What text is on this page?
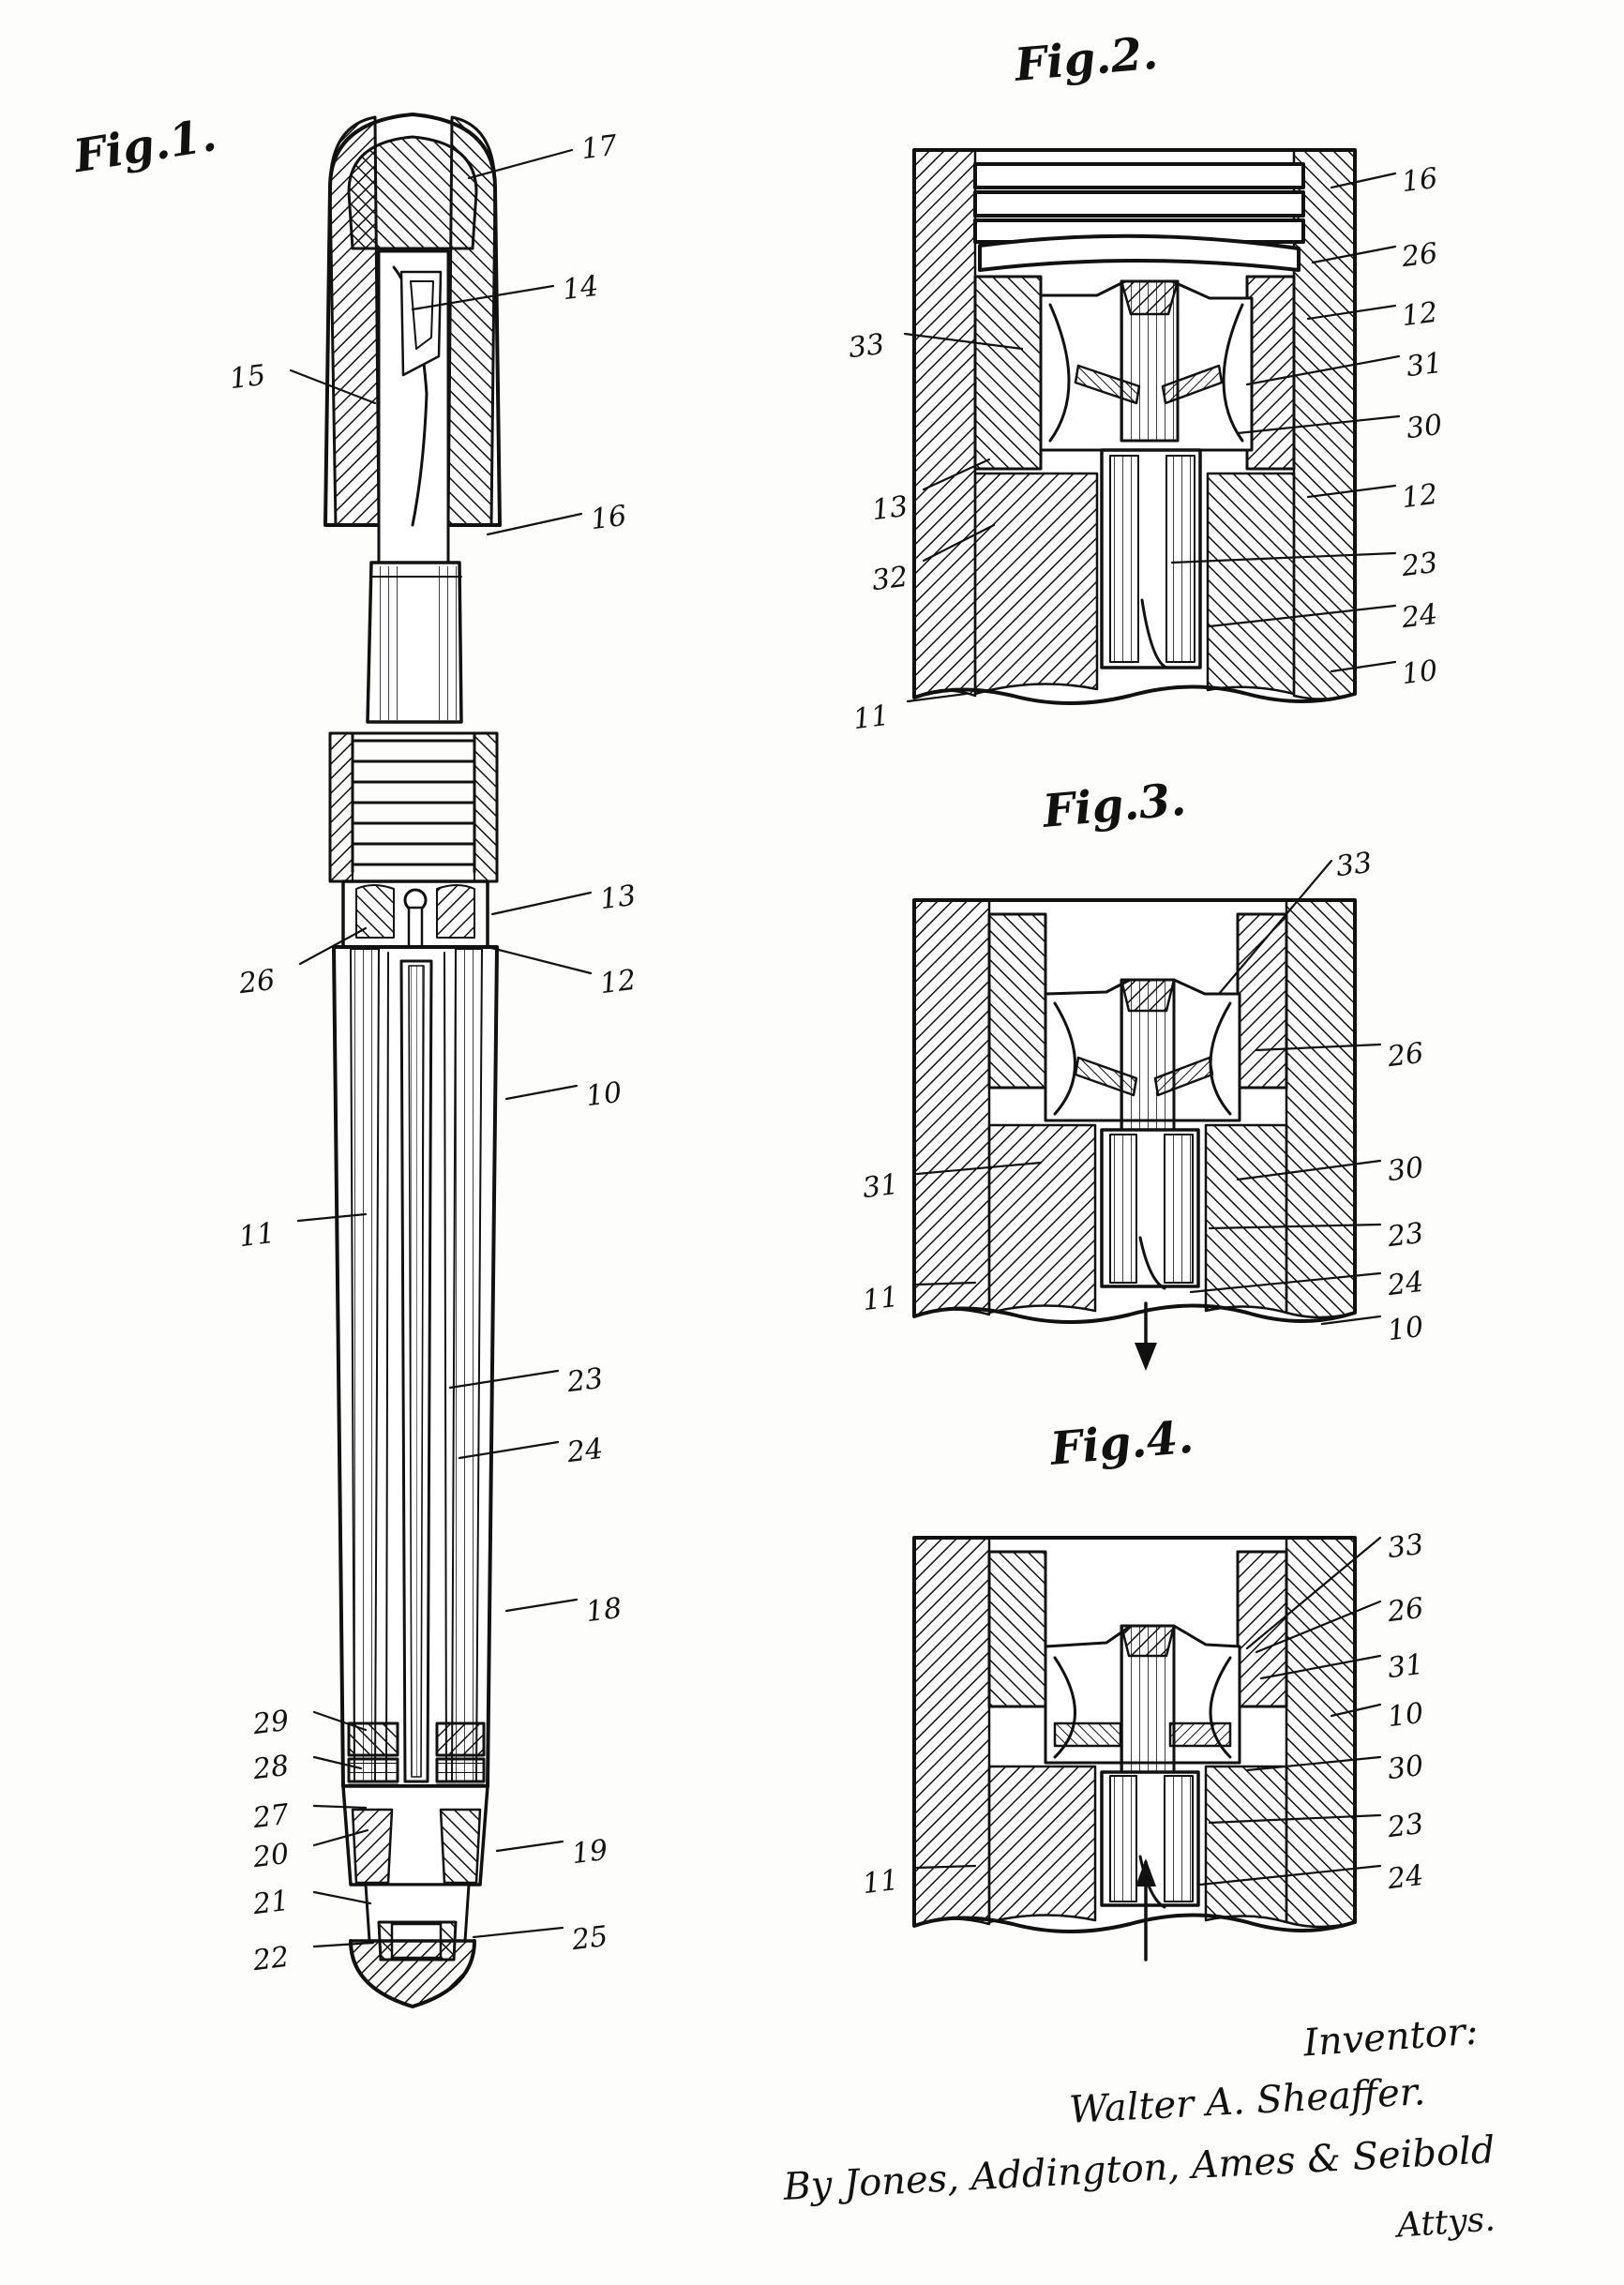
Fig.1.
Fig.2.
Fig.3.
Fig.4.
17
14
15
16
13
26	12
10
11
23
24
18
29
28
27
20
21
22
19
25
16
26
12
31
30
33
13
32
12
23
24
10
11
33
26
30
23
24
10
31
11
33
26
31
10
30
23
24
11
Inventor:
Walter A. Sheaffer.
By Jones, Addington, Ames & Seibold
Attys.
